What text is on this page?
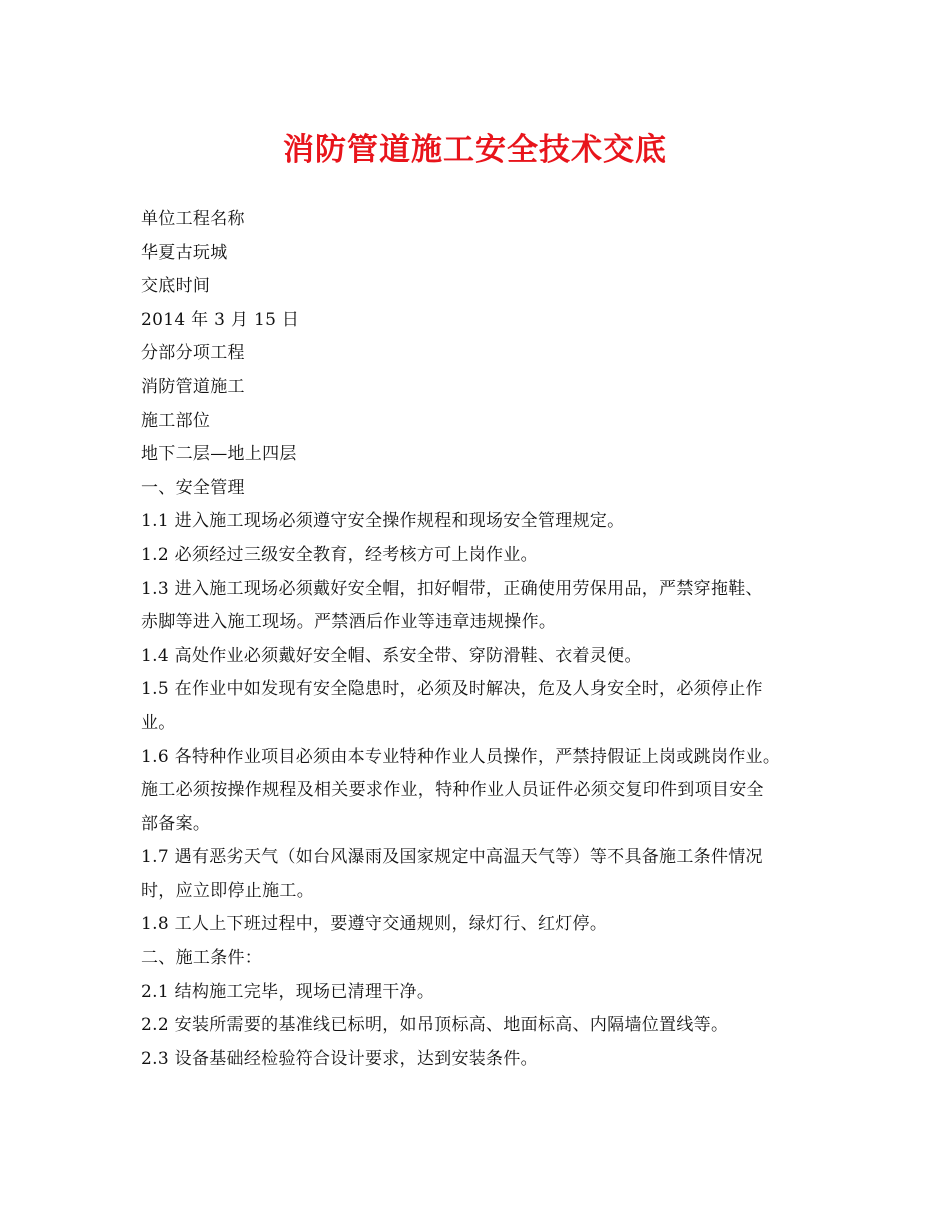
消防管道施工安全技术交底
单位工程名称
华夏古玩城
交底时间
2014 年 3 月 15 日
分部分项工程
消防管道施工
施工部位
地下二层—地上四层
一、安全管理
1.1 进入施工现场必须遵守安全操作规程和现场安全管理规定。
1.2 必须经过三级安全教育，经考核方可上岗作业。
1.3 进入施工现场必须戴好安全帽，扣好帽带，正确使用劳保用品，严禁穿拖鞋、
赤脚等进入施工现场。严禁酒后作业等违章违规操作。
1.4 高处作业必须戴好安全帽、系安全带、穿防滑鞋、衣着灵便。
1.5 在作业中如发现有安全隐患时，必须及时解决，危及人身安全时，必须停止作
业。
1.6 各特种作业项目必须由本专业特种作业人员操作，严禁持假证上岗或跳岗作业。
施工必须按操作规程及相关要求作业，特种作业人员证件必须交复印件到项目安全
部备案。
1.7 遇有恶劣天气（如台风瀑雨及国家规定中高温天气等）等不具备施工条件情况
时，应立即停止施工。
1.8 工人上下班过程中，要遵守交通规则，绿灯行、红灯停。
二、施工条件：
2.1 结构施工完毕，现场已清理干净。
2.2 安装所需要的基准线已标明，如吊顶标高、地面标高、内隔墙位置线等。
2.3 设备基础经检验符合设计要求，达到安装条件。
